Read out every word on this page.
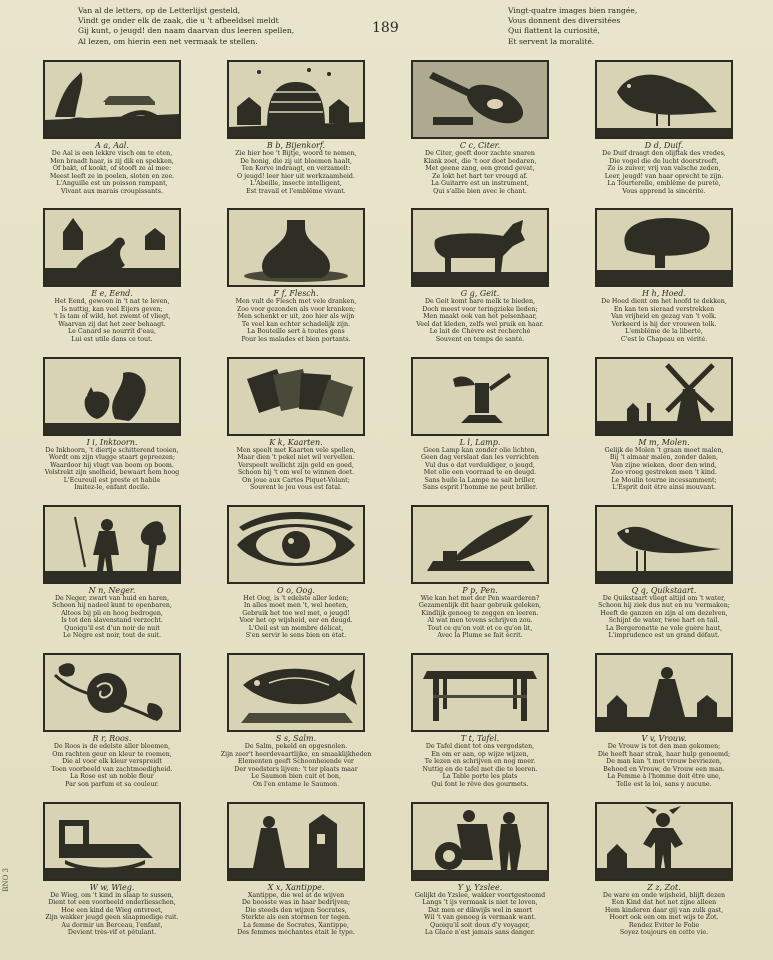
Van al de letters, op de Letterlijst gesteld,
Vindt ge onder elk de zaak, die u 't afbeeldsel meldt
Gij kunt, o jeugd! den naam daarvan dus leeren spellen,
Al lezen, om hierin een net vermaak te stellen.
189
Vingt-quatre images bien rangée,
Vous donnent des diversitées
Qui flattent la curiosité,
Et servent la moralité.
A a, Aal.
De Aal is een lekkre visch om te eten,
Men braadt haar, is zij dik en spekken,
Of bakt, of kookt, of stooft ze al mee:
Meest leeft ze in poelen, sloten en zee.
L'Anguille est un poisson rampant,
Vivant aux marais croupissants.
B b, Bijenkorf.
Zie hier hoe 't Bijtje, woord te nemen,
De honig, die zij uit bloemen haalt,
Ten Korve indraagt, en verzamelt:
O jeugd! leer hier uit werkzaamheid.
L'Abeille, insecte intelligent,
Est travail et l'emblême vivant.
C c, Citer.
De Citer, geeft door zachte snaren
Klank zoet, die 't oor doet bedaren,
Met geene zang, een grond gevat,
Ze lokt het hart ter vreugd af.
La Guitarre est un instrument,
Qui s'allie bien avec le chant.
D d, Duif.
De Duif draagt den olijftak des vredes,
Die vogel die de lucht doorstreeft,
Ze is zuiver, vrij van valsche zeden,
Leer, jeugd! van haar oprecht te zijn.
La Tourterelle, emblême de pureté,
Vous apprend la sincérité.
E e, Eend.
Het Eend, gewoon in 't nat te leven,
Is nuttig, kan veel Eijers geven;
't Is tam of wild, het zwemt of vliegt,
Waarvan zij dat het zeer behaagt.
Le Canard se nourrit d'eau,
Lui est utile dans ce tout.
F f, Flesch.
Men vult de Flesch met vele dranken,
Zoo voor gezonden als voor kranken;
Men schenkt er uit, zoo hier als wijn
Te veel kan echter schadelijk zijn.
La Bouteille sert à toutes gens
Pour les malades et bien portants.
G g, Geit.
De Geit komt hare melk te bieden,
Doch meest voor teringzieke lieden;
Men maakt ook van het pelsenhaar,
Veel dat kleden, zelfs wel pruik en haar.
Le lait de Chèvre est recherché
Souvent en temps de santé.
H h, Hoed.
De Hoed dient om het hoofd te dekken,
En kan ten sieraad verstrekken
Van vrijheid en gezag van 't volk.
Verkeerd is hij der vrouwen tolk.
L'emblême de la liberté,
C'est le Chapeau en vérité.
I i, Inktoorn.
De Inkhoorn, 't diertje schitterend tooien,
Wordt om zijn vlugge staart gepreezen;
Waardoor hij vlugt van boom op boom.
Volstrekt zijn snelheid, bewaart hem hoog
L'Ecureuil est preste et habile
Imitez-le, enfant docile.
K k, Kaarten.
Men speelt met Kaarten vele spellen,
Maar dien 't pekel niet wil vervellen.
Verspeelt wellicht zijn geld en goed,
Schoon hij 't om wel te winnen doet.
On joue aux Cartes Piquet-Volant;
Souvent le jeu vous est fatal.
L l, Lamp.
Geen Lamp kan zonder olie lichten,
Geen dag verslaat dan les verrichten
Vul dus o dat verduldiger, o jeugd,
Met olie een voorraad te en deugd.
Sans huile la Lampe ne sait briller,
Sans esprit l'homme ne peut briller.
M m, Molen.
Gelijk de Molen 't graan moet malen,
Bij 't almaar malen, zonder dalen,
Van zijne wieken, door den wind,
Zoo vroeg gestreken men 't kind.
Le Moulin tourne incessamment;
L'Esprit doit être ainsi mouvant.
N n, Neger.
De Neger, zwart van huid en haren,
Schoon hij nadeel kunt te openbaren,
Altoos bij pli en hoog bedrogen,
Is tot den slavenstand verzocht.
Quoiqu'il est d'un noir de nuit
Le Nègre est noir, tout de suit.
O o, Oog.
Het Oog, is 't edelste aller leden;
In alles moet men 't, wel heeten,
Gebruik het toe wel met, o jeugd!
Voor het op wijsheid, eer en deugd.
L'Oeil est un membre délicat,
S'en servir le sens bien en état.
P p, Pen.
Wie kan het met der Pen waarderen?
Gezamenlijk dit haar gebruik geleken,
Kindlijk genoeg te zeggen en leeren.
Al wat men tevens schrijven zou.
Tout ce qu'on voit et ce qu'on lit,
Avec la Plume se fait écrit.
Q q, Quikstaart.
De Quikstaart vliegt altijd om 't water,
Schoon hij ziek dus nut en nu 'vermaken;
Heeft de ganzen en zijn al om dezelven,
Schijnt de water, twee hart en tail.
La Bergeronette ne vole guère haut,
L'imprudence est un grand défaut.
R r, Roos.
De Roos is de edelste aller bloemen,
Om rachten geur en kleur te roemen,
Die al voor elk kleur verspreidt
Toen voorbeeld van zachtmoedigheid.
La Rose est un noble fleur
Par son parfum et sa couleur.
S s, Salm.
De Salm, pekeld en opgesnolen.
Zijn zeer't heerdevaartlijke, en smaaklijkheden
Elementen geeft Schoonheiende ver
Der voedsters lijven: 't ter plaats maar
Le Saumon bien cuit et bon,
On l'en entame le Saumon.
T t, Tafel.
De Tafel dient tot ons vergodsten,
En om er aan, op wijze wijzen,
Te lezen en schrijven en nog meer.
Nuttig en de tafel met die te leeren.
La Table porte les plats
Qui font le rêve des gourmets.
V v, Vrouw.
De Vrouw is tot den man gekomen;
Die heeft haar strak, haar hulp genoemd;
De man kan 't met vrouw bevriezen,
Behoed en Vrouw, de Vrouw een man.
La Femme à l'homme doit être une,
Telle est la loi, sans y aucune.
W w, Wieg.
De Wieg, om 't kind in slaap te sussen,
Dient tot een voorbeeld onderliesschen,
Hoe een kind de Wieg ontvreet,
Zijn wakker jeugd geen slaapmedige ruit.
Au dormir un Berceau, l'enfant,
Devient très-vif et pétulant.
X x, Xantippe.
Xantippe, die wel at de wijven
De boosste was in haar bedrijven;
Die steeds den wijzen Socrates,
Sterkte als een stormen ter tegen.
La femme de Socrates, Xantippe,
Des femmes méchantes était le type.
Y y, Yzslee.
Gelijkt de Yzslee, wakker voortgestoomd
Langs 't ijs vermaak is niet te loven,
Dat men er dikwijls wel in smort
Wil 't van genoeg is vermaak want.
Quoiqu'il soit doux d'y voyager,
La Glace n'est jamais sans danger.
Z z, Zot.
De ware en onde wijsheid, blijft dezen
Een Kind dat het net zijne alleen
Hem kinderen daar gij van zulk gast,
Hoort ook een om met wijs te Zot.
Rendez Éviter le Folie
Soyez toujours en cette vie.
BNO 3
